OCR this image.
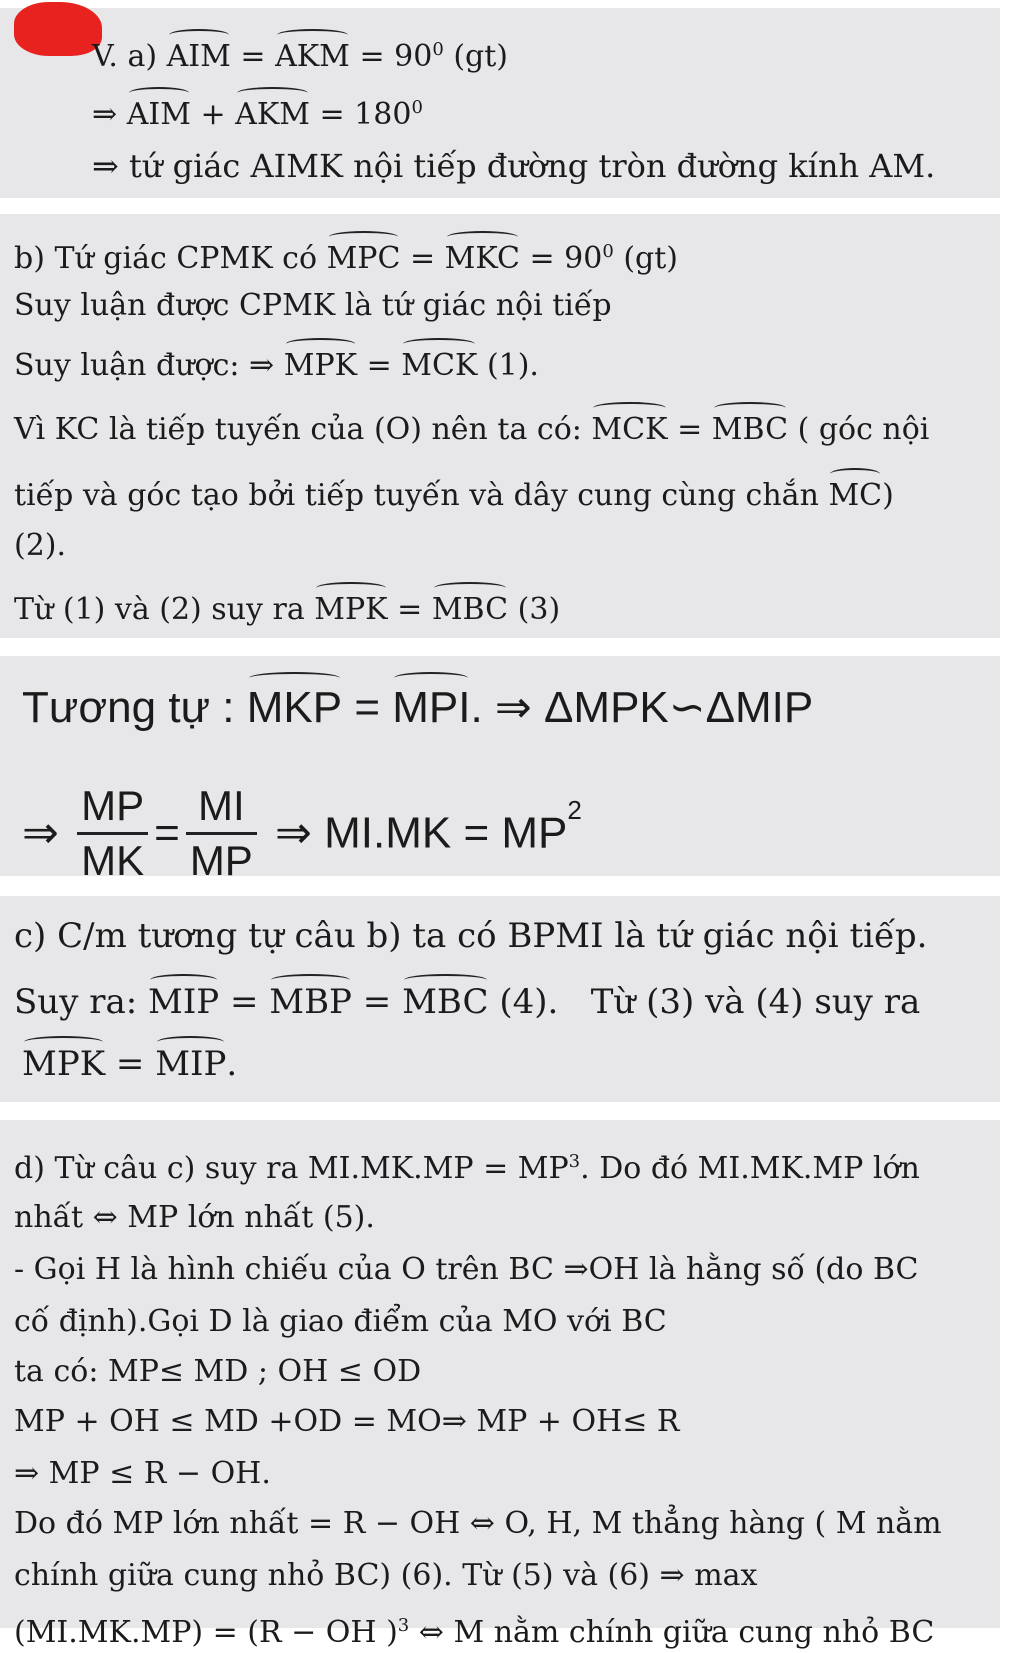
V. a) AIM = AKM = $90^0$ (gt)
⇒ AIM + AKM = $180^0$
⇒ tứ giác AIMK nội tiếp đường tròn đường kính AM.
b) Tứ giác CPMK có MPC = MKC = $90^0$ (gt)
Suy luận được CPMK là tứ giác nội tiếp
Suy luận được: ⇒ MPK = MCK (1).
Vì KC là tiếp tuyến của (O) nên ta có: MCK = MBC ( góc nội
tiếp và góc tạo bởi tiếp tuyến và dây cung cùng chắn MC)
(2).
Từ (1) và (2) suy ra MPK = MBC (3)
Tương tự : MKP = MPI. ⇒ ΔMPK∽ΔMIP
⇒ $\frac{MP}{MK} = \frac{MI}{MP}$ ⇒ $MI.MK = MP^2$
c) C/m tương tự câu b) ta có BPMI là tứ giác nội tiếp.
Suy ra: MIP = MBP = MBC (4).   Từ (3) và (4) suy ra
MPK = MIP.
d) Từ câu c) suy ra $MI.MK.MP = MP^3$. Do đó MI.MK.MP lớn
nhất ⇔ MP lớn nhất (5).
- Gọi H là hình chiếu của O trên BC ⇒OH là hằng số (do BC
cố định).Gọi D là giao điểm của MO với BC
ta có: MP≤ MD ; OH ≤ OD
MP + OH ≤ MD +OD = MO⇒ MP + OH≤ R
⇒ MP ≤ R − OH.
Do đó MP lớn nhất = R − OH ⇔ O, H, M thẳng hàng ( M nằm
chính giữa cung nhỏ BC) (6). Từ (5) và (6) ⇒ max
(MI.MK.MP) = (R − OH )$^3$ ⇔ M nằm chính giữa cung nhỏ BC
